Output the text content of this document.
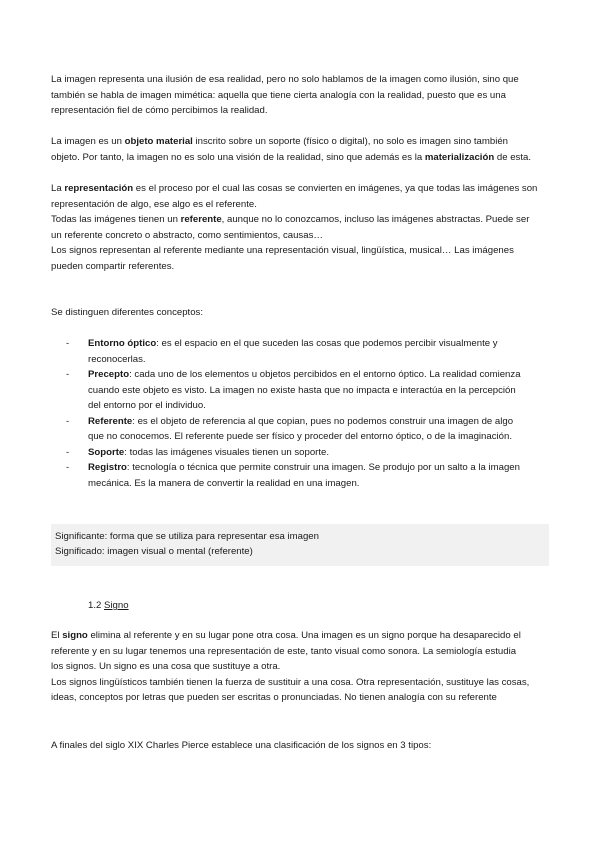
La imagen representa una ilusión de esa realidad, pero no solo hablamos de la imagen como ilusión, sino que
también se habla de imagen mimética: aquella que tiene cierta analogía con la realidad, puesto que es una
representación fiel de cómo percibimos la realidad.
La imagen es un objeto material inscrito sobre un soporte (físico o digital), no solo es imagen sino también
objeto. Por tanto, la imagen no es solo una visión de la realidad, sino que además es la materialización de esta.
La representación es el proceso por el cual las cosas se convierten en imágenes, ya que todas las imágenes son
representación de algo, ese algo es el referente.
Todas las imágenes tienen un referente, aunque no lo conozcamos, incluso las imágenes abstractas. Puede ser
un referente concreto o abstracto, como sentimientos, causas…
Los signos representan al referente mediante una representación visual, lingüística, musical… Las imágenes
pueden compartir referentes.
Se distinguen diferentes conceptos:
- Entorno óptico: es el espacio en el que suceden las cosas que podemos percibir visualmente y
reconocerlas.
- Precepto: cada uno de los elementos u objetos percibidos en el entorno óptico. La realidad comienza
cuando este objeto es visto. La imagen no existe hasta que no impacta e interactúa en la percepción
del entorno por el individuo.
- Referente: es el objeto de referencia al que copian, pues no podemos construir una imagen de algo
que no conocemos. El referente puede ser físico y proceder del entorno óptico, o de la imaginación.
- Soporte: todas las imágenes visuales tienen un soporte.
- Registro: tecnología o técnica que permite construir una imagen. Se produjo por un salto a la imagen
mecánica. Es la manera de convertir la realidad en una imagen.
Significante: forma que se utiliza para representar esa imagen
Significado: imagen visual o mental (referente)
1.2 Signo
El signo elimina al referente y en su lugar pone otra cosa. Una imagen es un signo porque ha desaparecido el
referente y en su lugar tenemos una representación de este, tanto visual como sonora. La semiología estudia
los signos. Un signo es una cosa que sustituye a otra.
Los signos lingüísticos también tienen la fuerza de sustituir a una cosa. Otra representación, sustituye las cosas,
ideas, conceptos por letras que pueden ser escritas o pronunciadas. No tienen analogía con su referente
A finales del siglo XIX Charles Pierce establece una clasificación de los signos en 3 tipos:
